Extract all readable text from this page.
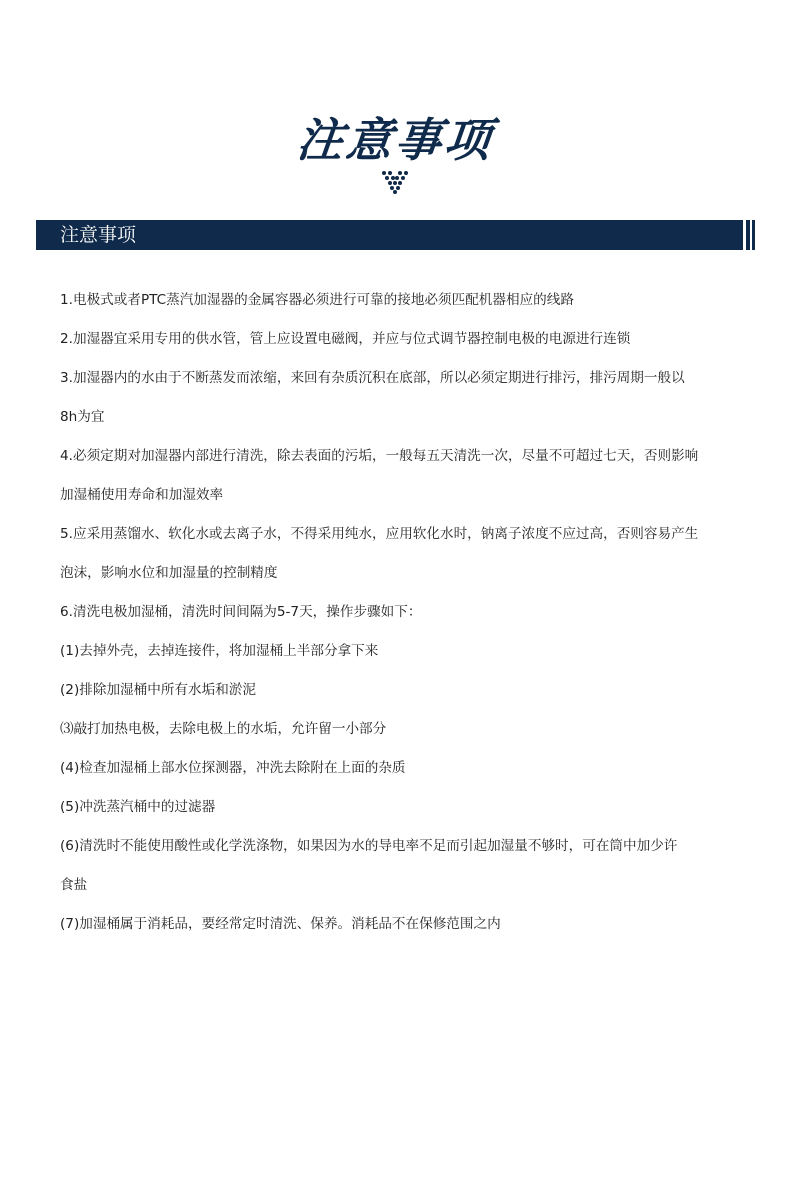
注意事项
注意事项
1.电极式或者PTC蒸汽加湿器的金属容器必须进行可靠的接地必须匹配机器相应的线路
2.加湿器宜采用专用的供水管，管上应设置电磁阀，并应与位式调节器控制电极的电源进行连锁
3.加湿器内的水由于不断蒸发而浓缩，来回有杂质沉积在底部，所以必须定期进行排污，排污周期一般以
8h为宜
4.必须定期对加湿器内部进行清洗，除去表面的污垢，一般每五天清洗一次，尽量不可超过七天，否则影响
加湿桶使用寿命和加湿效率
5.应采用蒸馏水、软化水或去离子水，不得采用纯水，应用软化水时，钠离子浓度不应过高，否则容易产生
泡沫，影响水位和加湿量的控制精度
6.清洗电极加湿桶，清洗时间间隔为5-7天，操作步骤如下：
(1)去掉外壳，去掉连接件，将加湿桶上半部分拿下来
(2)排除加湿桶中所有水垢和淤泥
⑶敲打加热电极，去除电极上的水垢，允许留一小部分
(4)检查加湿桶上部水位探测器，冲洗去除附在上面的杂质
(5)冲洗蒸汽桶中的过滤器
(6)清洗时不能使用酸性或化学洗涤物，如果因为水的导电率不足而引起加湿量不够时，可在筒中加少许
食盐
(7)加湿桶属于消耗品，要经常定时清洗、保养。消耗品不在保修范围之内
